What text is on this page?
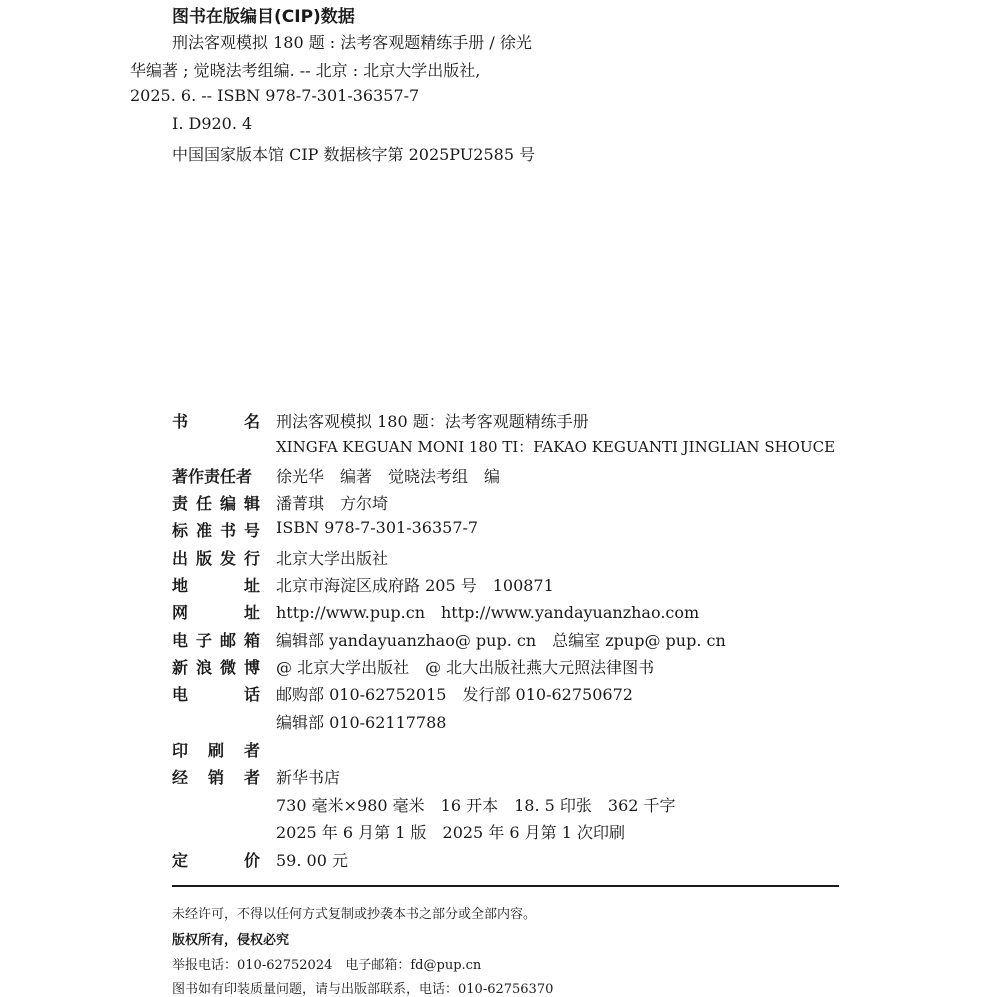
图书在版编目(CIP)数据
刑法客观模拟 180 题 : 法考客观题精练手册 / 徐光
华编著 ; 觉晓法考组编. -- 北京 : 北京大学出版社,
2025. 6. -- ISBN 978-7-301-36357-7
Ⅰ. D920. 4
中国国家版本馆 CIP 数据核字第 2025PU2585 号
书	名 刑法客观模拟 180 题：法考客观题精练手册
XINGFA KEGUAN MONI 180 TI：FAKAO KEGUANTI JINGLIAN SHOUCE
著作责任者 徐光华　编著　觉晓法考组　编
责 任 编 辑 潘菁琪　方尔埼
标 准 书 号 ISBN 978-7-301-36357-7
出 版 发 行 北京大学出版社
地	址 北京市海淀区成府路 205 号　100871
网	址 http://www.pup.cn　http://www.yandayuanzhao.com
电 子 邮 箱 编辑部 yandayuanzhao@ pup. cn　总编室 zpup@ pup. cn
新 浪 微 博 @ 北京大学出版社　@ 北大出版社燕大元照法律图书
电	话 邮购部 010-62752015　发行部 010-62750672
编辑部 010-62117788
印 刷 者
经 销 者 新华书店
730 毫米×980 毫米　16 开本　18. 5 印张　362 千字
2025 年 6 月第 1 版　2025 年 6 月第 1 次印刷
定	价 59. 00 元
未经许可，不得以任何方式复制或抄袭本书之部分或全部内容。
版权所有，侵权必究
举报电话：010-62752024　电子邮箱：fd@pup.cn
图书如有印装质量问题，请与出版部联系，电话：010-62756370
